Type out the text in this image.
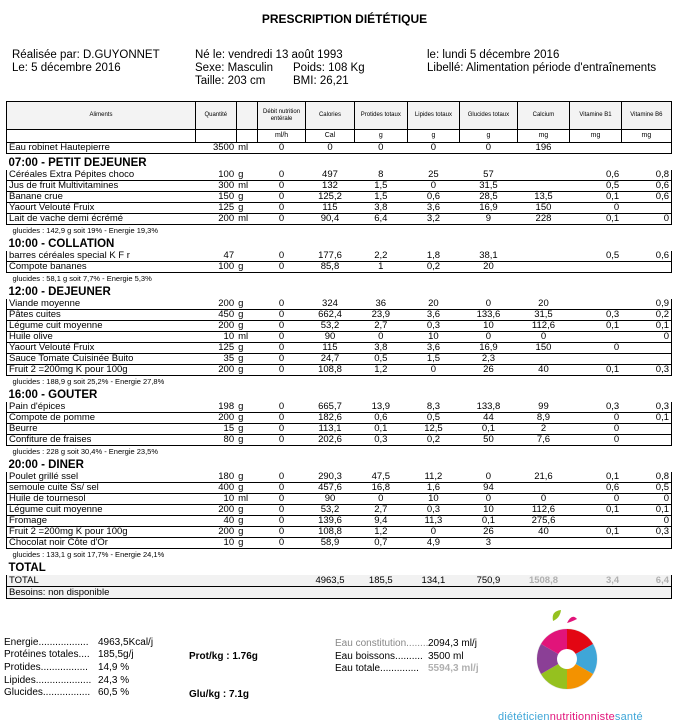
PRESCRIPTION DIÉTÉTIQUE
Réalisée par: D.GUYONNET
Le: 5 décembre 2016
Né le: vendredi 13 août 1993
Sexe: Masculin Poids: 108 Kg
Taille: 203 cm BMI: 26,21
le: lundi 5 décembre 2016
Libellé: Alimentation période d'entraînements
Aliments	Quantité		Débit nutrition entérale	Calories	Protides totaux	Lipides totaux	Glucides totaux	Calcium	Vitamine B1	Vitamine B6
			ml/h	Cal	g	g	g	mg	mg	mg
Eau robinet Hautepierre	3500	ml	0	0	0	0	0	196		
07:00 - PETIT DEJEUNER										
Céréales Extra Pépites choco	100	g	0	497	8	25	57		0,6	0,8
Jus de fruit Multivitamines	300	ml	0	132	1,5	0	31,5		0,5	0,6
Banane crue	150	g	0	125,2	1,5	0,6	28,5	13,5	0,1	0,6
Yaourt Velouté Fruix	125	g	0	115	3,8	3,6	16,9	150	0	
Lait de vache demi écrémé	200	ml	0	90,4	6,4	3,2	9	228	0,1	0
glucides : 142,9 g soit 19% - Energie 19,3%										
10:00 - COLLATION										
barres céréales special K F r	47		0	177,6	2,2	1,8	38,1		0,5	0,6
Compote bananes	100	g	0	85,8	1	0,2	20			
glucides : 58,1 g soit 7,7% - Energie 5,3%										
12:00 - DEJEUNER										
Viande moyenne	200	g	0	324	36	20	0	20		0,9
Pâtes cuites	450	g	0	662,4	23,9	3,6	133,6	31,5	0,3	0,2
Légume cuit moyenne	200	g	0	53,2	2,7	0,3	10	112,6	0,1	0,1
Huile olive	10	ml	0	90	0	10	0	0		0
Yaourt Velouté Fruix	125	g	0	115	3,8	3,6	16,9	150	0	
Sauce Tomate Cuisinée Buito	35	g	0	24,7	0,5	1,5	2,3			
Fruit 2 =200mg K pour 100g	200	g	0	108,8	1,2	0	26	40	0,1	0,3
glucides : 188,9 g soit 25,2% - Energie 27,8%										
16:00 - GOUTER										
Pain d'épices	198	g	0	665,7	13,9	8,3	133,8	99	0,3	0,3
Compote de pomme	200	g	0	182,6	0,6	0,5	44	8,9	0	0,1
Beurre	15	g	0	113,1	0,1	12,5	0,1	2	0	
Confiture de fraises	80	g	0	202,6	0,3	0,2	50	7,6	0	
glucides : 228 g soit 30,4% - Energie 23,5%										
20:00 - DINER										
Poulet grillé ssel	180	g	0	290,3	47,5	11,2	0	21,6	0,1	0,8
semoule cuite Ss/ sel	400	g	0	457,6	16,8	1,6	94		0,6	0,5
Huile de tournesol	10	ml	0	90	0	10	0	0	0	0
Légume cuit moyenne	200	g	0	53,2	2,7	0,3	10	112,6	0,1	0,1
Fromage	40	g	0	139,6	9,4	11,3	0,1	275,6		0
Fruit 2 =200mg K pour 100g	200	g	0	108,8	1,2	0	26	40	0,1	0,3
Chocolat noir Côte d'Or	10	g	0	58,9	0,7	4,9	3			
glucides : 133,1 g soit 17,7% - Energie 24,1%										
TOTAL										
TOTAL				4963,5	185,5	134,1	750,9	1508,8	3,4	6,4
Besoins: non disponible										
Energie.................. 4963,5Kcal/j
Protéines totales.... 185,5g/j
Protides................. 14,9 %
Lipides.................... 24,3 %
Glucides................. 60,5 %
Prot/kg : 1.76g
Glu/kg : 7.1g
Eau constitution.........
2094,3 ml/j
Eau boissons.......... 3500 ml
Eau totale.............. 5594,3 ml/j
diététiciennutritionnistesanté
